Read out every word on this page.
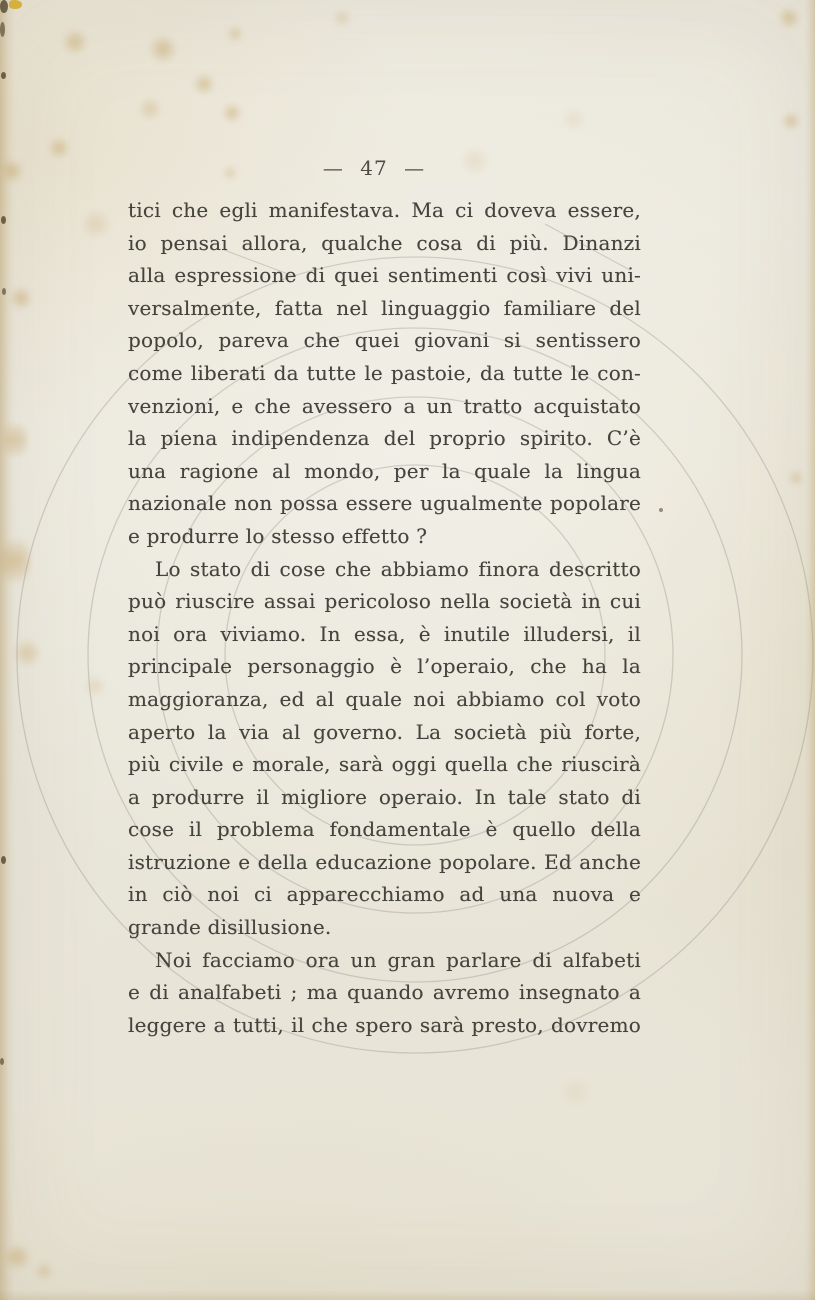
— 47 —
tici che egli manifestava. Ma ci doveva essere,
io pensai allora, qualche cosa di più. Dinanzi
alla espressione di quei sentimenti così vivi uni-
versalmente, fatta nel linguaggio familiare del
popolo, pareva che quei giovani si sentissero
come liberati da tutte le pastoie, da tutte le con-
venzioni, e che avessero a un tratto acquistato
la piena indipendenza del proprio spirito. C’è
una ragione al mondo, per la quale la lingua
nazionale non possa essere ugualmente popolare
e produrre lo stesso effetto ?
Lo stato di cose che abbiamo finora descritto
può riuscire assai pericoloso nella società in cui
noi ora viviamo. In essa, è inutile illudersi, il
principale personaggio è l’operaio, che ha la
maggioranza, ed al quale noi abbiamo col voto
aperto la via al governo. La società più forte,
più civile e morale, sarà oggi quella che riuscirà
a produrre il migliore operaio. In tale stato di
cose il problema fondamentale è quello della
istruzione e della educazione popolare. Ed anche
in ciò noi ci apparecchiamo ad una nuova e
grande disillusione.
Noi facciamo ora un gran parlare di alfabeti
e di analfabeti ; ma quando avremo insegnato a
leggere a tutti, il che spero sarà presto, dovremo
